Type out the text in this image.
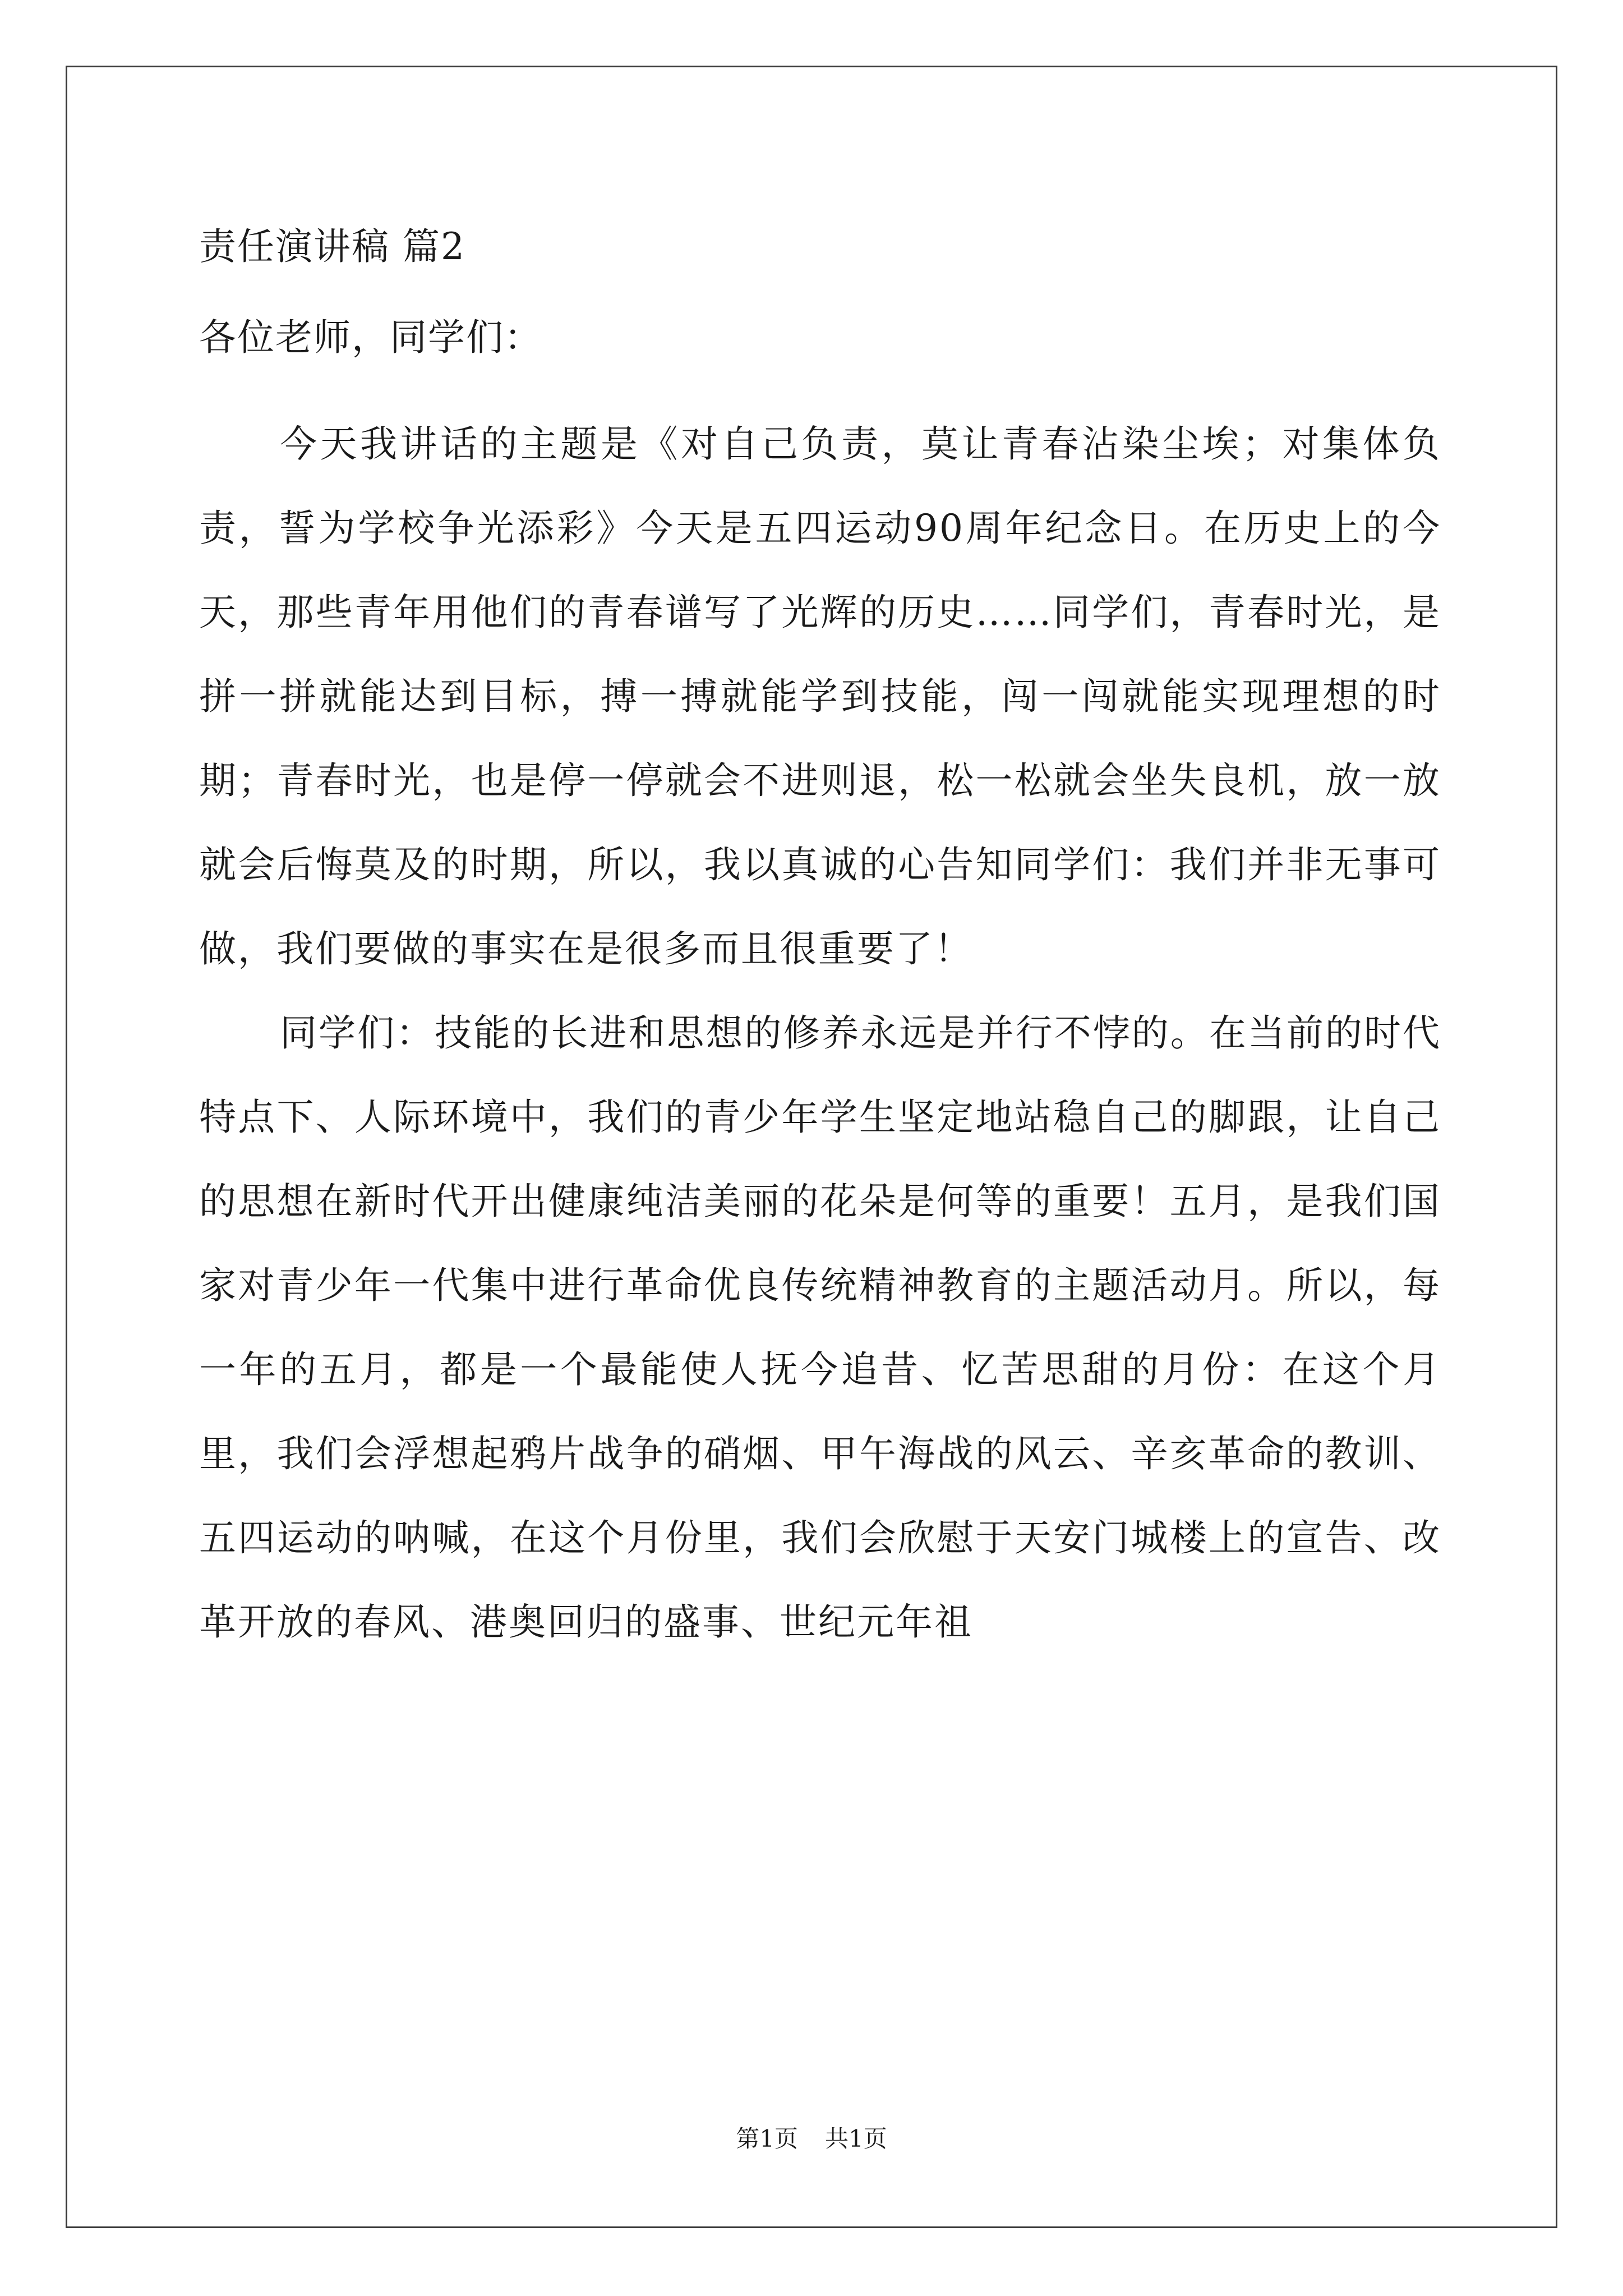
责任演讲稿 篇2
各位老师，同学们：

今天我讲话的主题是《对自己负责，莫让青春沾染尘埃；对集体负责，誓为学校争光添彩》今天是五四运动90周年纪念日。在历史上的今天，那些青年用他们的青春谱写了光辉的历史……同学们，青春时光，是拼一拼就能达到目标，搏一搏就能学到技能，闯一闯就能实现理想的时期；青春时光，也是停一停就会不进则退，松一松就会坐失良机，放一放就会后悔莫及的时期，所以，我以真诚的心告知同学们：我们并非无事可做，我们要做的事实在是很多而且很重要了！

同学们：技能的长进和思想的修养永远是并行不悖的。在当前的时代特点下、人际环境中，我们的青少年学生坚定地站稳自己的脚跟，让自己的思想在新时代开出健康纯洁美丽的花朵是何等的重要！五月，是我们国家对青少年一代集中进行革命优良传统精神教育的主题活动月。所以，每一年的五月，都是一个最能使人抚今追昔、忆苦思甜的月份：在这个月里，我们会浮想起鸦片战争的硝烟、甲午海战的风云、辛亥革命的教训、五四运动的呐喊，在这个月份里，我们会欣慰于天安门城楼上的宣告、改革开放的春风、港奥回归的盛事、世纪元年祖

第1页 共1页
